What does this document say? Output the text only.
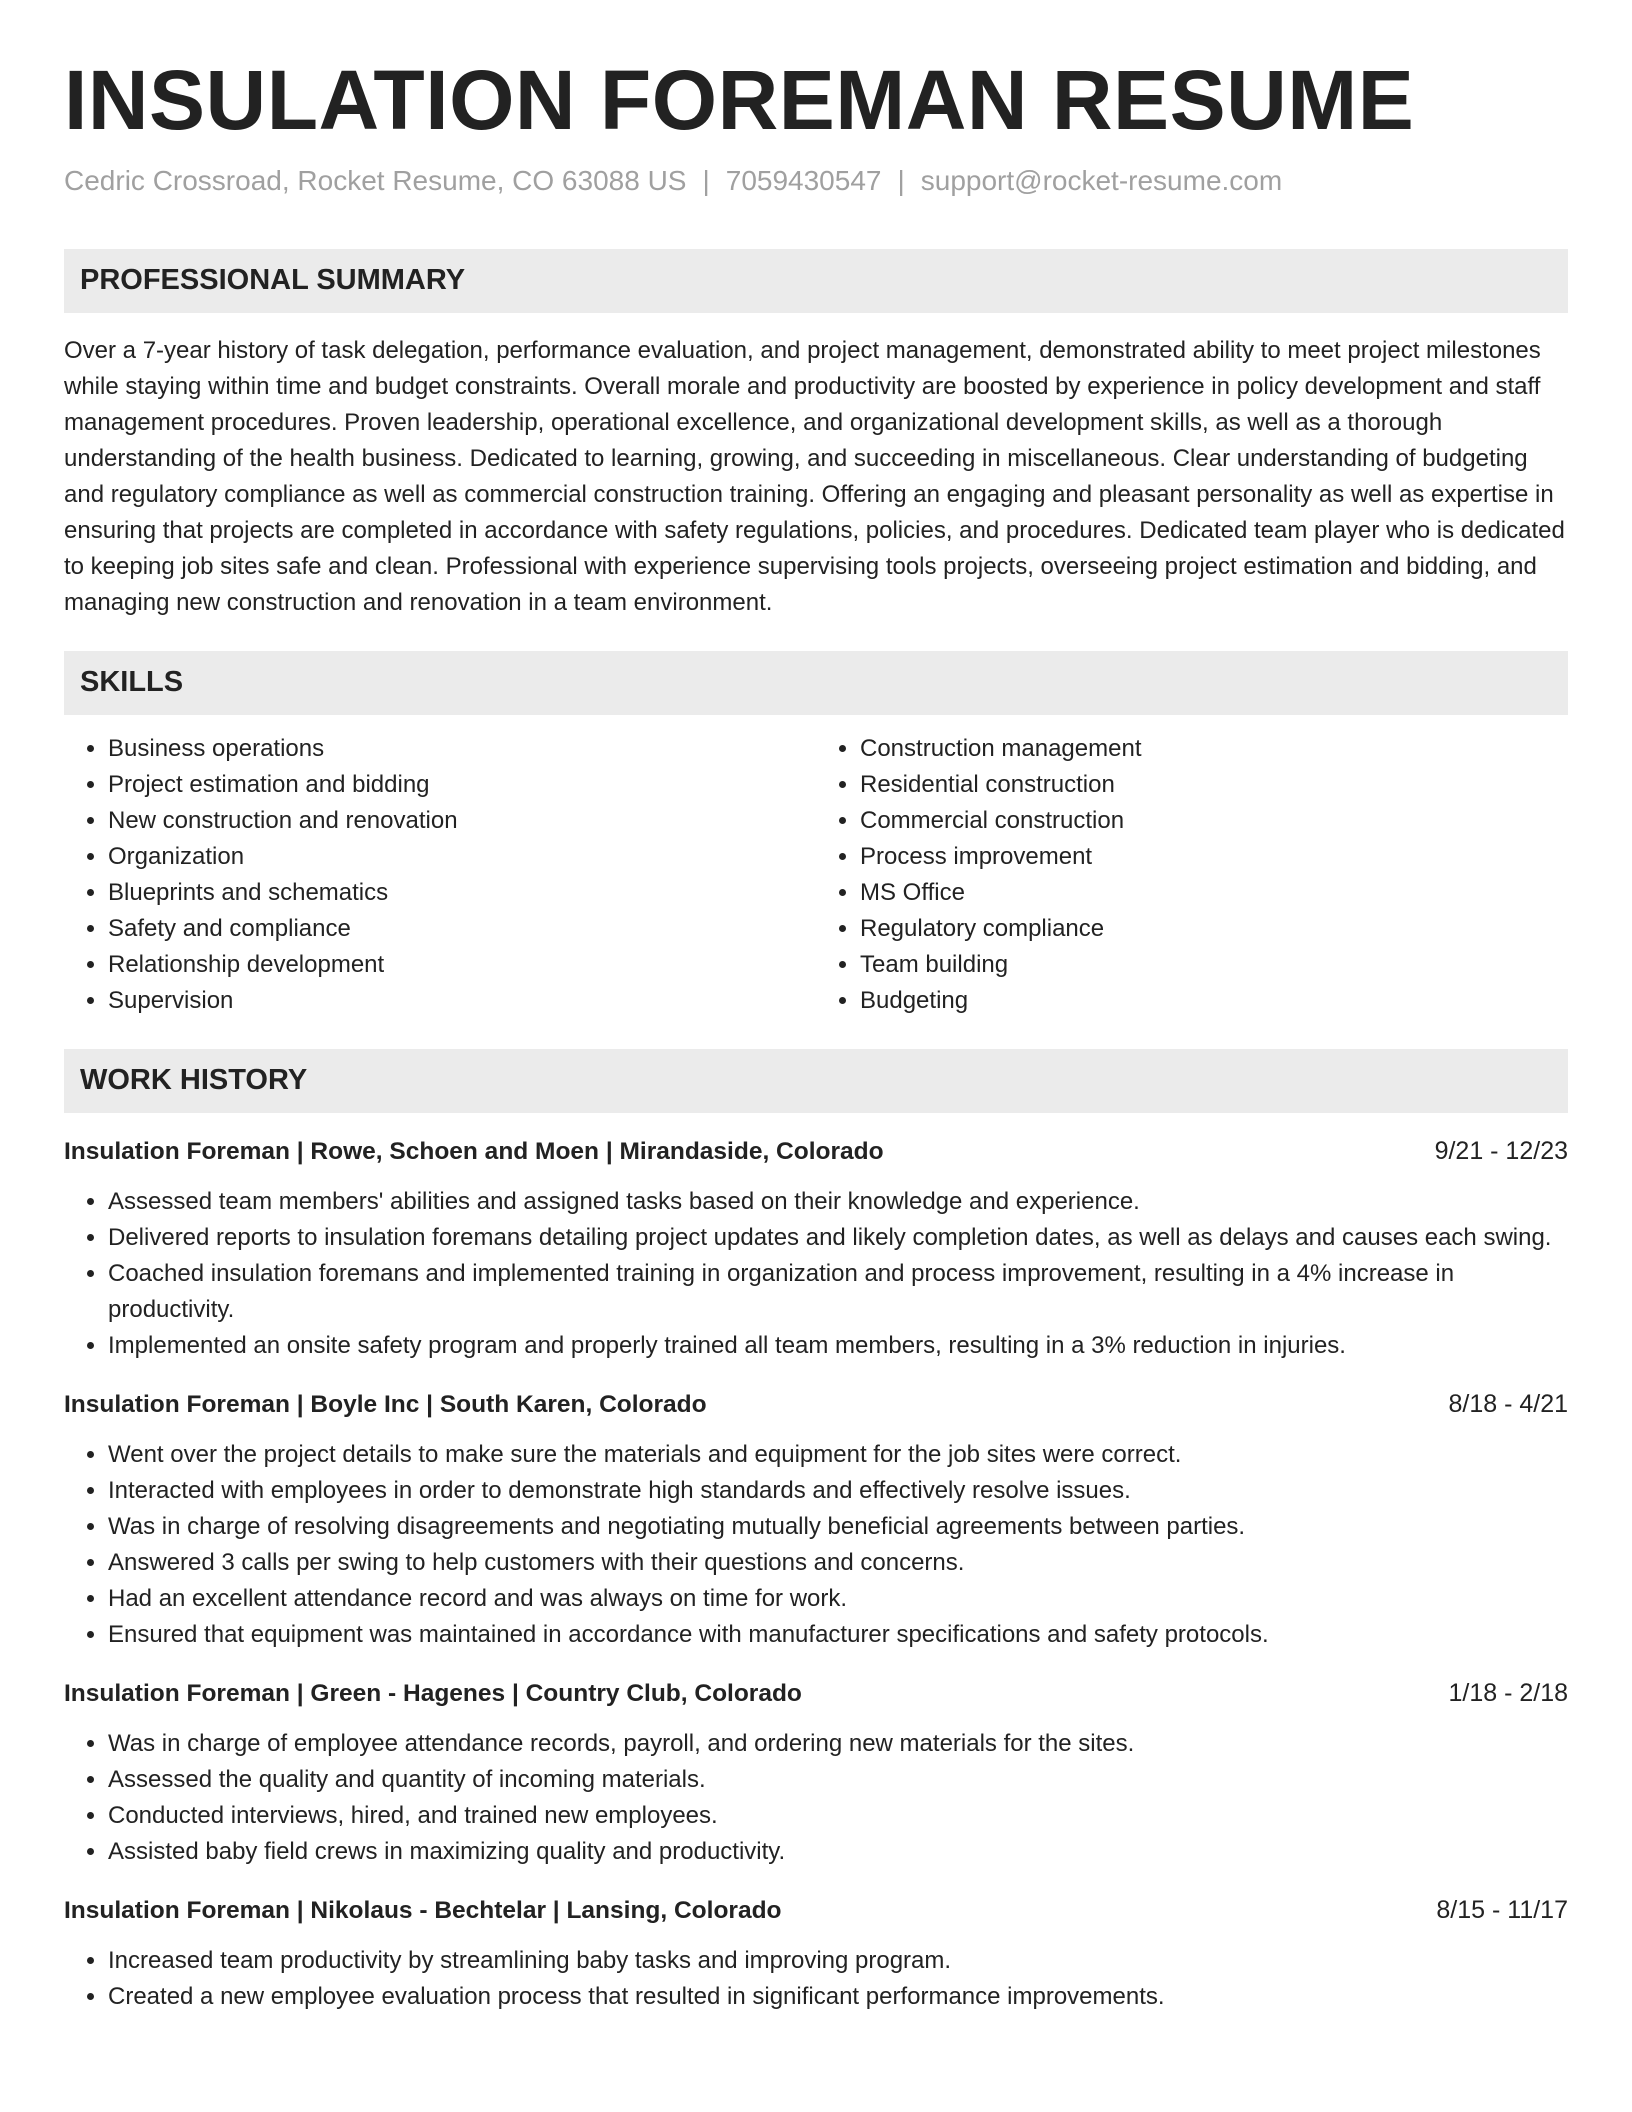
INSULATION FOREMAN RESUME
Cedric Crossroad, Rocket Resume, CO 63088 US | 7059430547 | support@rocket-resume.com
PROFESSIONAL SUMMARY

Over a 7-year history of task delegation, performance evaluation, and project management, demonstrated ability to meet project milestones while staying within time and budget constraints. Overall morale and productivity are boosted by experience in policy development and staff management procedures. Proven leadership, operational excellence, and organizational development skills, as well as a thorough understanding of the health business. Dedicated to learning, growing, and succeeding in miscellaneous. Clear understanding of budgeting and regulatory compliance as well as commercial construction training. Offering an engaging and pleasant personality as well as expertise in ensuring that projects are completed in accordance with safety regulations, policies, and procedures. Dedicated team player who is dedicated to keeping job sites safe and clean. Professional with experience supervising tools projects, overseeing project estimation and bidding, and managing new construction and renovation in a team environment.

SKILLS
• Business operations
• Project estimation and bidding
• New construction and renovation
• Organization
• Blueprints and schematics
• Safety and compliance
• Relationship development
• Supervision
• Construction management
• Residential construction
• Commercial construction
• Process improvement
• MS Office
• Regulatory compliance
• Team building
• Budgeting
WORK HISTORY
Insulation Foreman | Rowe, Schoen and Moen | Mirandaside, Colorado	9/21 - 12/23
• Assessed team members' abilities and assigned tasks based on their knowledge and experience.
• Delivered reports to insulation foremans detailing project updates and likely completion dates, as well as delays and causes each swing.
• Coached insulation foremans and implemented training in organization and process improvement, resulting in a 4% increase in productivity.
• Implemented an onsite safety program and properly trained all team members, resulting in a 3% reduction in injuries.
Insulation Foreman | Boyle Inc | South Karen, Colorado	8/18 - 4/21
• Went over the project details to make sure the materials and equipment for the job sites were correct.
• Interacted with employees in order to demonstrate high standards and effectively resolve issues.
• Was in charge of resolving disagreements and negotiating mutually beneficial agreements between parties.
• Answered 3 calls per swing to help customers with their questions and concerns.
• Had an excellent attendance record and was always on time for work.
• Ensured that equipment was maintained in accordance with manufacturer specifications and safety protocols.
Insulation Foreman | Green - Hagenes | Country Club, Colorado	1/18 - 2/18
• Was in charge of employee attendance records, payroll, and ordering new materials for the sites.
• Assessed the quality and quantity of incoming materials.
• Conducted interviews, hired, and trained new employees.
• Assisted baby field crews in maximizing quality and productivity.
Insulation Foreman | Nikolaus - Bechtelar | Lansing, Colorado	8/15 - 11/17
• Increased team productivity by streamlining baby tasks and improving program.
• Created a new employee evaluation process that resulted in significant performance improvements.
